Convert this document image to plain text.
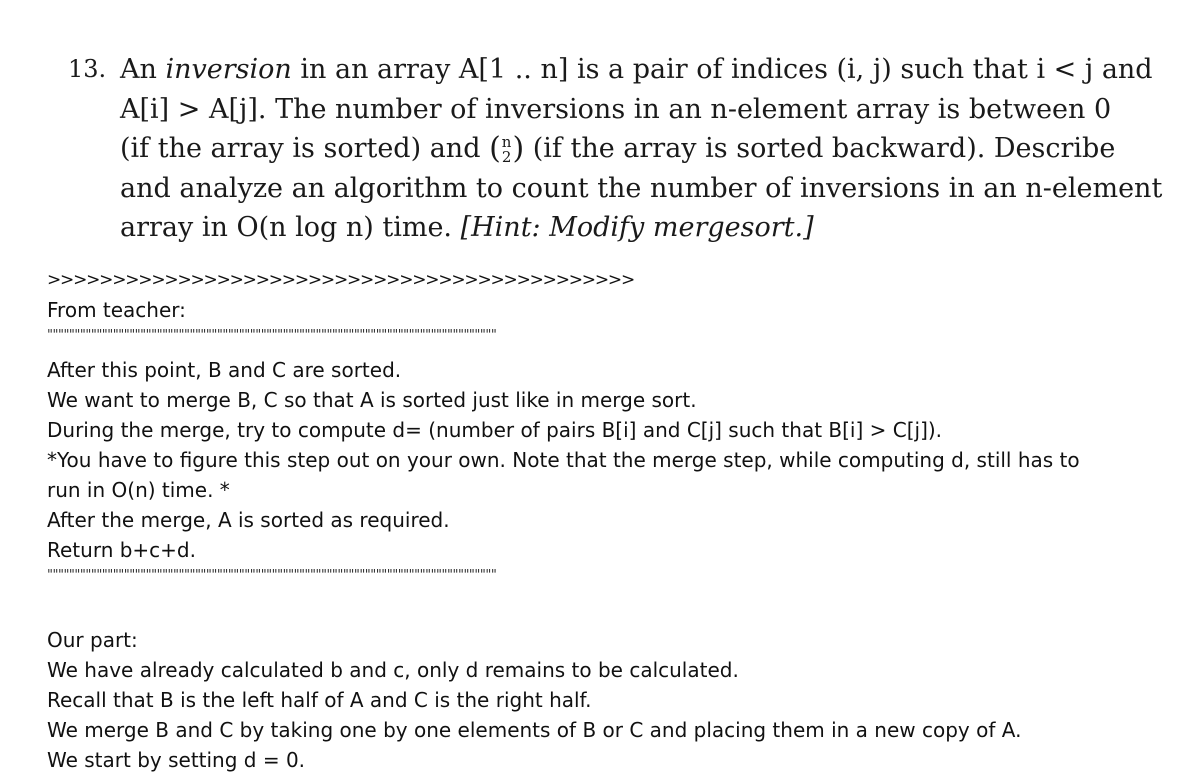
13. An inversion in an array A[1 .. n] is a pair of indices (i, j) such that i < j and
A[i] > A[j]. The number of inversions in an n-element array is between 0
(if the array is sorted) and ( n
2 ) (if the array is sorted backward). Describe
and analyze an algorithm to count the number of inversions in an n-element
array in O(n log n) time. [Hint: Modify mergesort.]
>>>>>>>>>>>>>>>>>>>>>>>>>>>>>>>>>>>>>>>>>>>>>
From teacher:
""""""""""""""""""""""""""""""""""""""""""""""""""""""""""""""""""""""""""""""""""
After this point, B and C are sorted.
We want to merge B, C so that A is sorted just like in merge sort.
During the merge, try to compute d= (number of pairs B[i] and C[j] such that B[i] > C[j]).
*You have to figure this step out on your own. Note that the merge step, while computing d, still has to
run in O(n) time. *
After the merge, A is sorted as required.
Return b+c+d.
""""""""""""""""""""""""""""""""""""""""""""""""""""""""""""""""""""""""""""""""""
Our part:
We have already calculated b and c, only d remains to be calculated.
Recall that B is the left half of A and C is the right half.
We merge B and C by taking one by one elements of B or C and placing them in a new copy of A.
We start by setting d = 0.
